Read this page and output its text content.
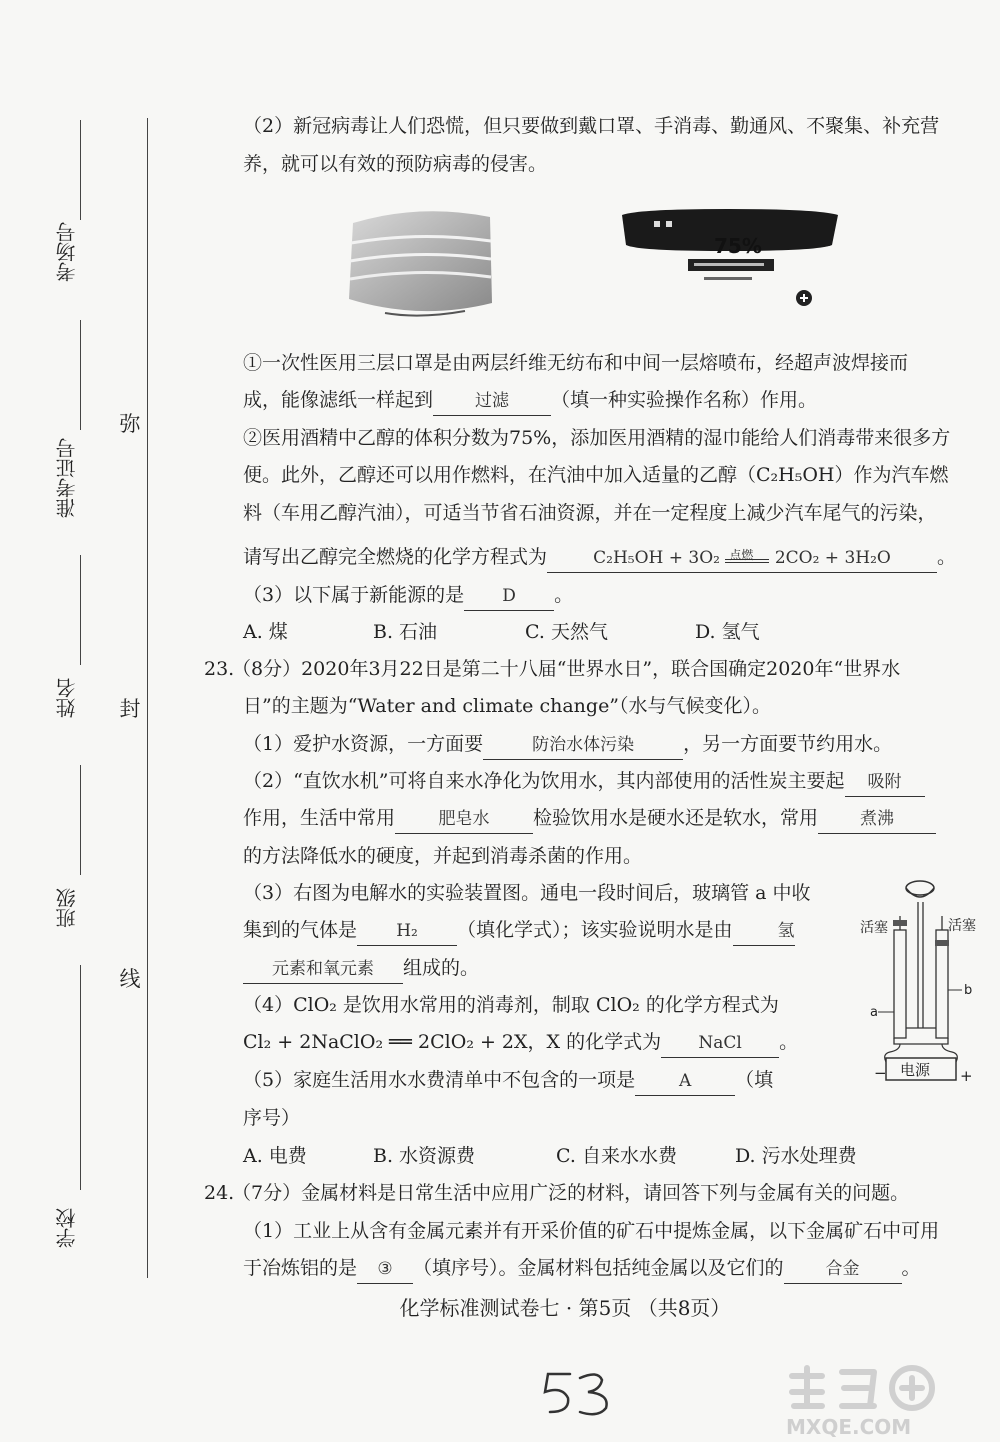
考场号
准考证号
姓名
班级
学校
弥
封
线
（2）新冠病毒让人们恐慌，但只要做到戴口罩、手消毒、勤通风、不聚集、补充营
养，就可以有效的预防病毒的侵害。
75%
①一次性医用三层口罩是由两层纤维无纺布和中间一层熔喷布，经超声波焊接而
成，能像滤纸一样起到 过滤 （填一种实验操作名称）作用。
②医用酒精中乙醇的体积分数为75%，添加医用酒精的湿巾能给人们消毒带来很多方
便。此外，乙醇还可以用作燃料，在汽油中加入适量的乙醇（C₂H₅OH）作为汽车燃
料（车用乙醇汽油），可适当节省石油资源，并在一定程度上减少汽车尾气的污染，
请写出乙醇完全燃烧的化学方程式为	C₂H₅OH + 3O₂ 点燃 2CO₂ + 3H₂O 。
（3）以下属于新能源的是 D 。
A. 煤	B. 石油	C. 天然气	D. 氢气
23.
（8分）2020年3月22日是第二十八届“世界水日”，联合国确定2020年“世界水
日”的主题为“Water and climate change”（水与气候变化）。
（1）爱护水资源，一方面要	防治水体污染	，另一方面要节约用水。
（2）“直饮水机”可将自来水净化为饮用水，其内部使用的活性炭主要起 吸附
作用，生活中常用	肥皂水 检验饮用水是硬水还是软水，常用 煮沸
的方法降低水的硬度，并起到消毒杀菌的作用。
（3）右图为电解水的实验装置图。通电一段时间后，玻璃管 a 中收
集到的气体是 H₂ （填化学式）；该实验说明水是由	氢
元素和氧元素 组成的。
活塞	活塞
a
b
电源
−	+
（4）ClO₂ 是饮用水常用的消毒剂，制取 ClO₂ 的化学方程式为
Cl₂ + 2NaClO₂ ══ 2ClO₂ + 2X，X 的化学式为 NaCl 。
（5）家庭生活用水水费清单中不包含的一项是	A （填
序号）
A. 电费	B. 水资源费	C. 自来水水费	D. 污水处理费
24.
（7分）金属材料是日常生活中应用广泛的材料，请回答下列与金属有关的问题。
（1）工业上从含有金属元素并有开采价值的矿石中提炼金属，以下金属矿石中可用
于冶炼铝的是 ③ （填序号）。金属材料包括纯金属以及它们的 合金 。
化学标准测试卷七 · 第5页 （共8页）
MXQE.COM
